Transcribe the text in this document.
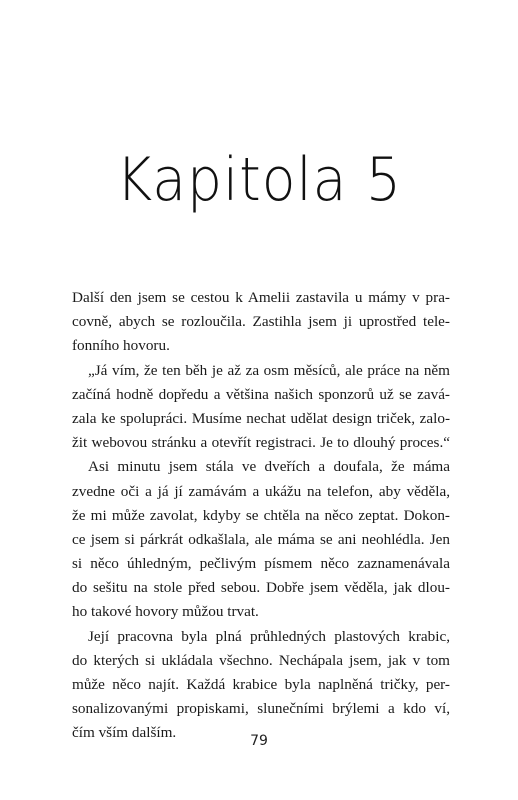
Kapitola 5
Další den jsem se cestou k Amelii zastavila u mámy v pra-
covně, abych se rozloučila. Zastihla jsem ji uprostřed tele-
fonního hovoru.
„Já vím, že ten běh je až za osm měsíců, ale práce na něm
začíná hodně dopředu a většina našich sponzorů už se zavá-
zala ke spolupráci. Musíme nechat udělat design triček, zalo-
žit webovou stránku a otevřít registraci. Je to dlouhý proces.“
Asi minutu jsem stála ve dveřích a doufala, že máma
zvedne oči a já jí zamávám a ukážu na telefon, aby věděla,
že mi může zavolat, kdyby se chtěla na něco zeptat. Dokon-
ce jsem si párkrát odkašlala, ale máma se ani neohlédla. Jen
si něco úhledným, pečlivým písmem něco zaznamenávala
do sešitu na stole před sebou. Dobře jsem věděla, jak dlou-
ho takové hovory můžou trvat.
Její pracovna byla plná průhledných plastových krabic,
do kterých si ukládala všechno. Nechápala jsem, jak v tom
může něco najít. Každá krabice byla naplněná tričky, per-
sonalizovanými propiskami, slunečními brýlemi a kdo ví,
čím vším dalším.	79
